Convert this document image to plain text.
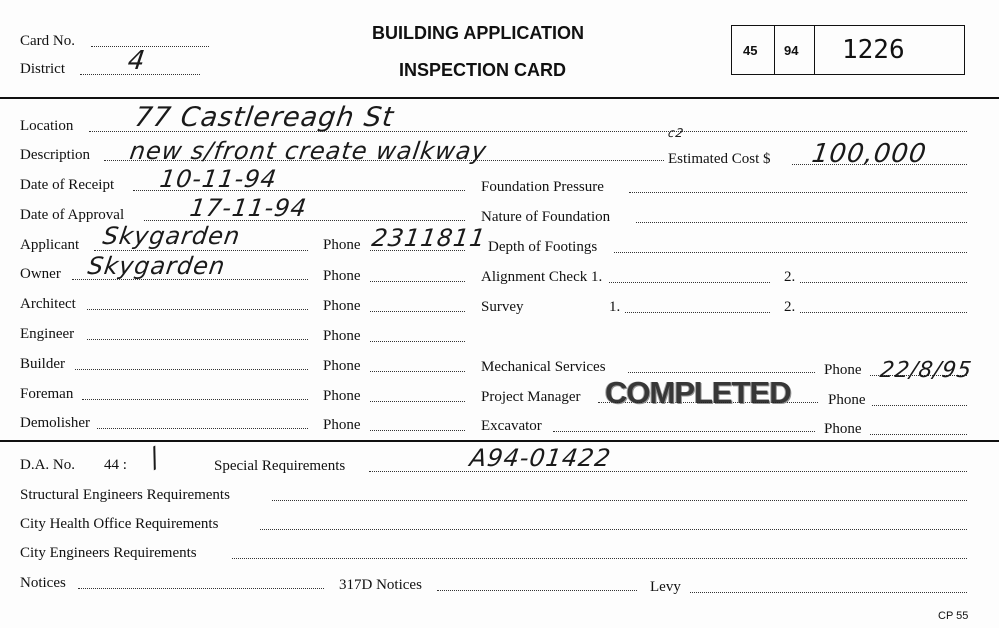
Card No.
District 4
BUILDING APPLICATION
INSPECTION CARD
45 94 1226
Location 77 Castlereagh St
Description new s/front create walkway
c2
Estimated Cost $ 100,000
Date of Receipt 10-11-94	Foundation Pressure
Date of Approval	17-11-94	Nature of Foundation
Applicant Skygarden	Phone 2311811 Depth of Footings
Owner Skygarden	Phone	Alignment Check 1.	2.
Architect	Phone	Survey	1.	2.
Engineer	Phone
Builder	Phone	Mechanical Services	Phone 22/8/95
Foreman	Phone	Project Manager	Phone
COMPLETED
Demolisher	Phone	Excavator	Phone
D.A. No. 44 : /	Special Requirements	A94-01422
Structural Engineers Requirements
City Health Office Requirements
City Engineers Requirements
Notices	317D Notices	Levy
CP 55
